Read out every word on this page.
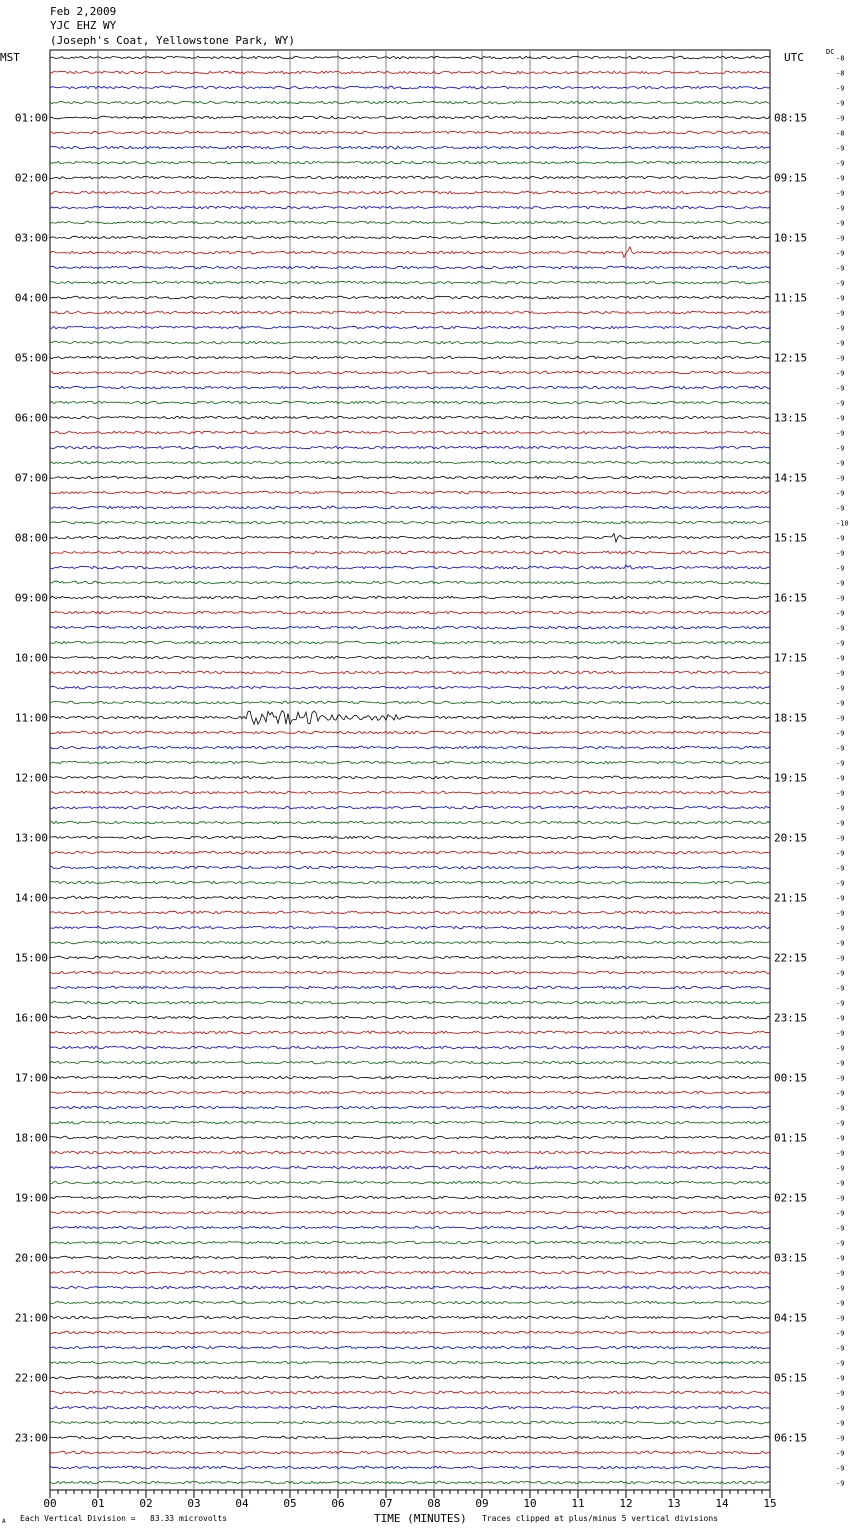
Feb 2,2009
YJC EHZ WY
(Joseph's Coat, Yellowstone Park, WY)
MST	UTC	DC
-8
-8
-9
-9
-9
-8
-9
-9
-9
-9
-9
-9
-9
-9
-9
-9
-9
-9
-9
-9
-9
-9
-9
-9
-9
-9
-9
-9
-9
-9
-9
-10
-9
-9
-9
-9
-9
-9
-9
-9
-9
-9
-9
-9
-9
-9
-9
-9
-9
-9
-9
-9
-9
-9
-9
-9
-9
-9
-9
-9
-9
-9
-9
-9
-9
-9
-9
-9
-9
-9
-9
-9
-9
-9
-9
-9
-9
-9
-9
-9
-9
-9
-9
-9
-9
-9
-9
-9
-9
-9
-9
-9
-9
-9
-9
-9
01:00
02:00
03:00
04:00
05:00
06:00
07:00
08:00
09:00
10:00
11:00
12:00
13:00
14:00
15:00
16:00
17:00
18:00
19:00
20:00
21:00
22:00
23:00
08:15
09:15
10:15
11:15
12:15
13:15
14:15
15:15
16:15
17:15
18:15
19:15
20:15
21:15
22:15
23:15
00:15
01:15
02:15
03:15
04:15
05:15
06:15
00	01	02	03	04	05	06	07	08	09	10	11	12	13	14	15
TIME (MINUTES)
A Each Vertical Division =   83.33 microvolts	Traces clipped at plus/minus 5 vertical divisions
